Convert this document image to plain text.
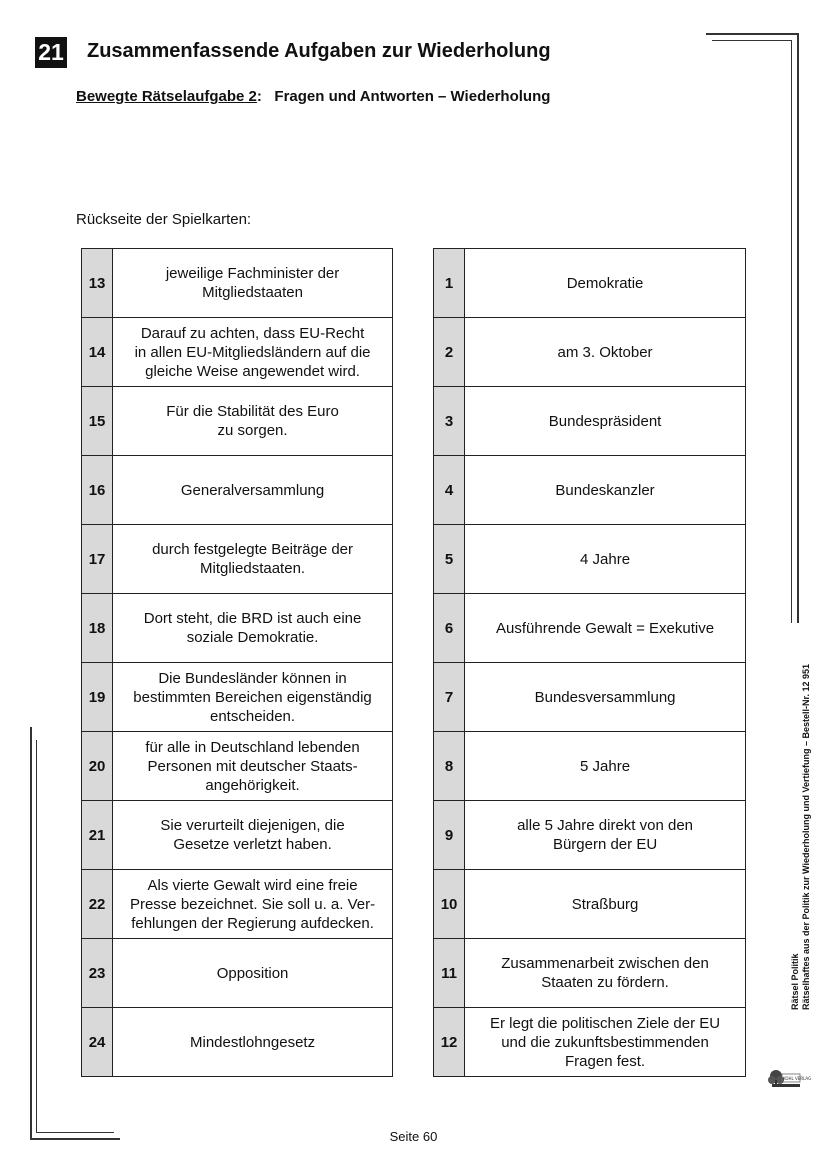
21 Zusammenfassende Aufgaben zur Wiederholung
Bewegte Rätselaufgabe 2: Fragen und Antworten – Wiederholung
Rückseite der Spielkarten:
13	jeweilige Fachminister der
Mitgliedstaaten
14	Darauf zu achten, dass EU-Recht
in allen EU-Mitgliedsländern auf die
gleiche Weise angewendet wird.
15	Für die Stabilität des Euro
zu sorgen.
16	Generalversammlung
17	durch festgelegte Beiträge der
Mitgliedstaaten.
18	Dort steht, die BRD ist auch eine
soziale Demokratie.
19	Die Bundesländer können in
bestimmten Bereichen eigenständig
entscheiden.
20	für alle in Deutschland lebenden
Personen mit deutscher Staats-
angehörigkeit.
21	Sie verurteilt diejenigen, die
Gesetze verletzt haben.
22	Als vierte Gewalt wird eine freie
Presse bezeichnet. Sie soll u. a. Ver-
fehlungen der Regierung aufdecken.
23	Opposition
24	Mindestlohngesetz
1	Demokratie
2	am 3. Oktober
3	Bundespräsident
4	Bundeskanzler
5	4 Jahre
6	Ausführende Gewalt = Exekutive
7	Bundesversammlung
8	5 Jahre
9	alle 5 Jahre direkt von den
Bürgern der EU
10	Straßburg
11	Zusammenarbeit zwischen den
Staaten zu fördern.
12	Er legt die politischen Ziele der EU
und die zukunftsbestimmenden
Fragen fest.
Rätsel Politik Rätselhaftes aus der Politik zur Wiederholung und Vertiefung – Bestell-Nr. 12 951
KOHL VERLAG
Seite 60
